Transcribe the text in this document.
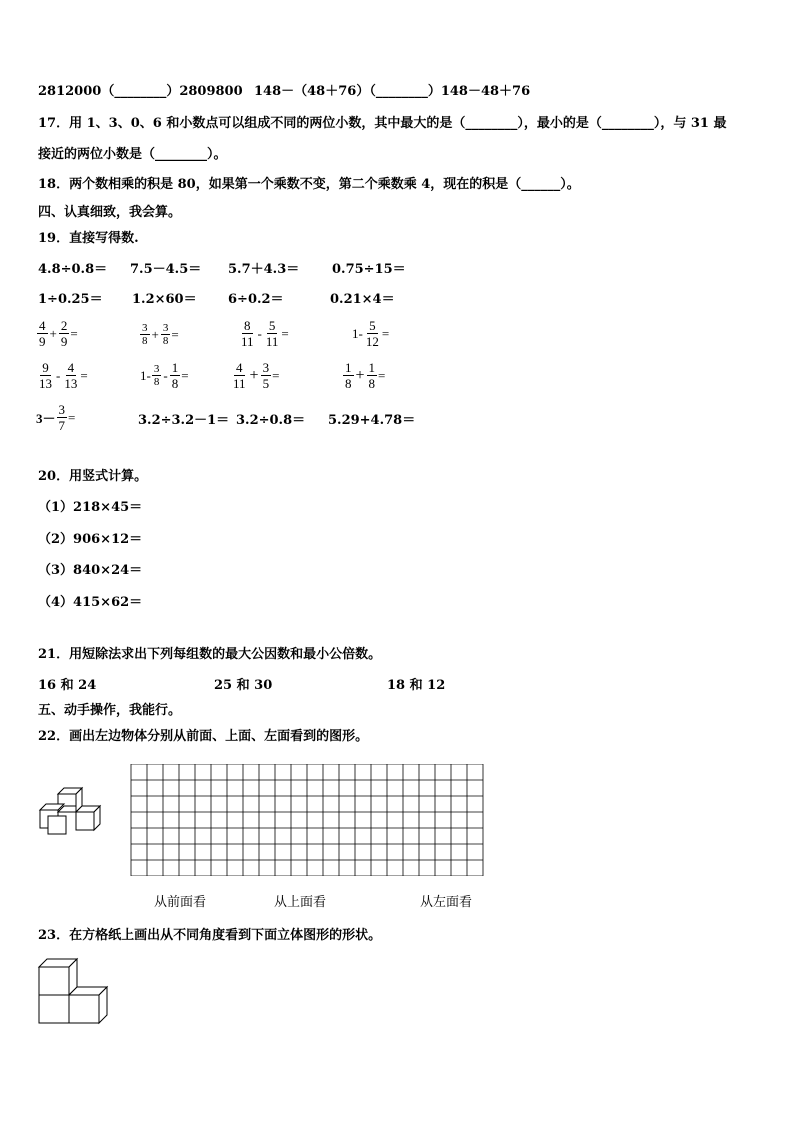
2812000（________）2809800 148－（48＋76）（________）148－48＋76
17．用 1、3、0、6 和小数点可以组成不同的两位小数，其中最大的是（________），最小的是（________），与 31 最
接近的两位小数是（________）。
18．两个数相乘的积是 80，如果第一个乘数不变，第二个乘数乘 4，现在的积是（______）。
四、认真细致，我会算。
19．直接写得数.
4.8÷0.8＝ 7.5－4.5＝ 5.7＋4.3＝	0.75÷15＝
1÷0.25＝ 1.2×60＝ 6÷0.2＝	0.21×4＝
$\frac{4}{9} + \frac{2}{9}$ =	$\frac{3}{8} + \frac{3}{8}$ =	$\frac{8}{11} - \frac{5}{11}$ =	$1- \frac{5}{12}$ =
$\frac{9}{13} - \frac{4}{13}$ =	$1- \frac{3}{8} - \frac{1}{8}$ =	$\frac{4}{11} + \frac{3}{5}$ =	$\frac{1}{8} + \frac{1}{8}$ =
$3- \frac{3}{7}$ =	3.2÷3.2－1＝ 3.2÷0.8＝ 5.29+4.78＝
20．用竖式计算。
（1）218×45＝
（2）906×12＝
（3）840×24＝
（4）415×62＝
21．用短除法求出下列每组数的最大公因数和最小公倍数。
16 和 24	25 和 30	18 和 12
五、动手操作，我能行。
22．画出左边物体分别从前面、上面、左面看到的图形。
从前面看	从上面看	从左面看
23．在方格纸上画出从不同角度看到下面立体图形的形状。
